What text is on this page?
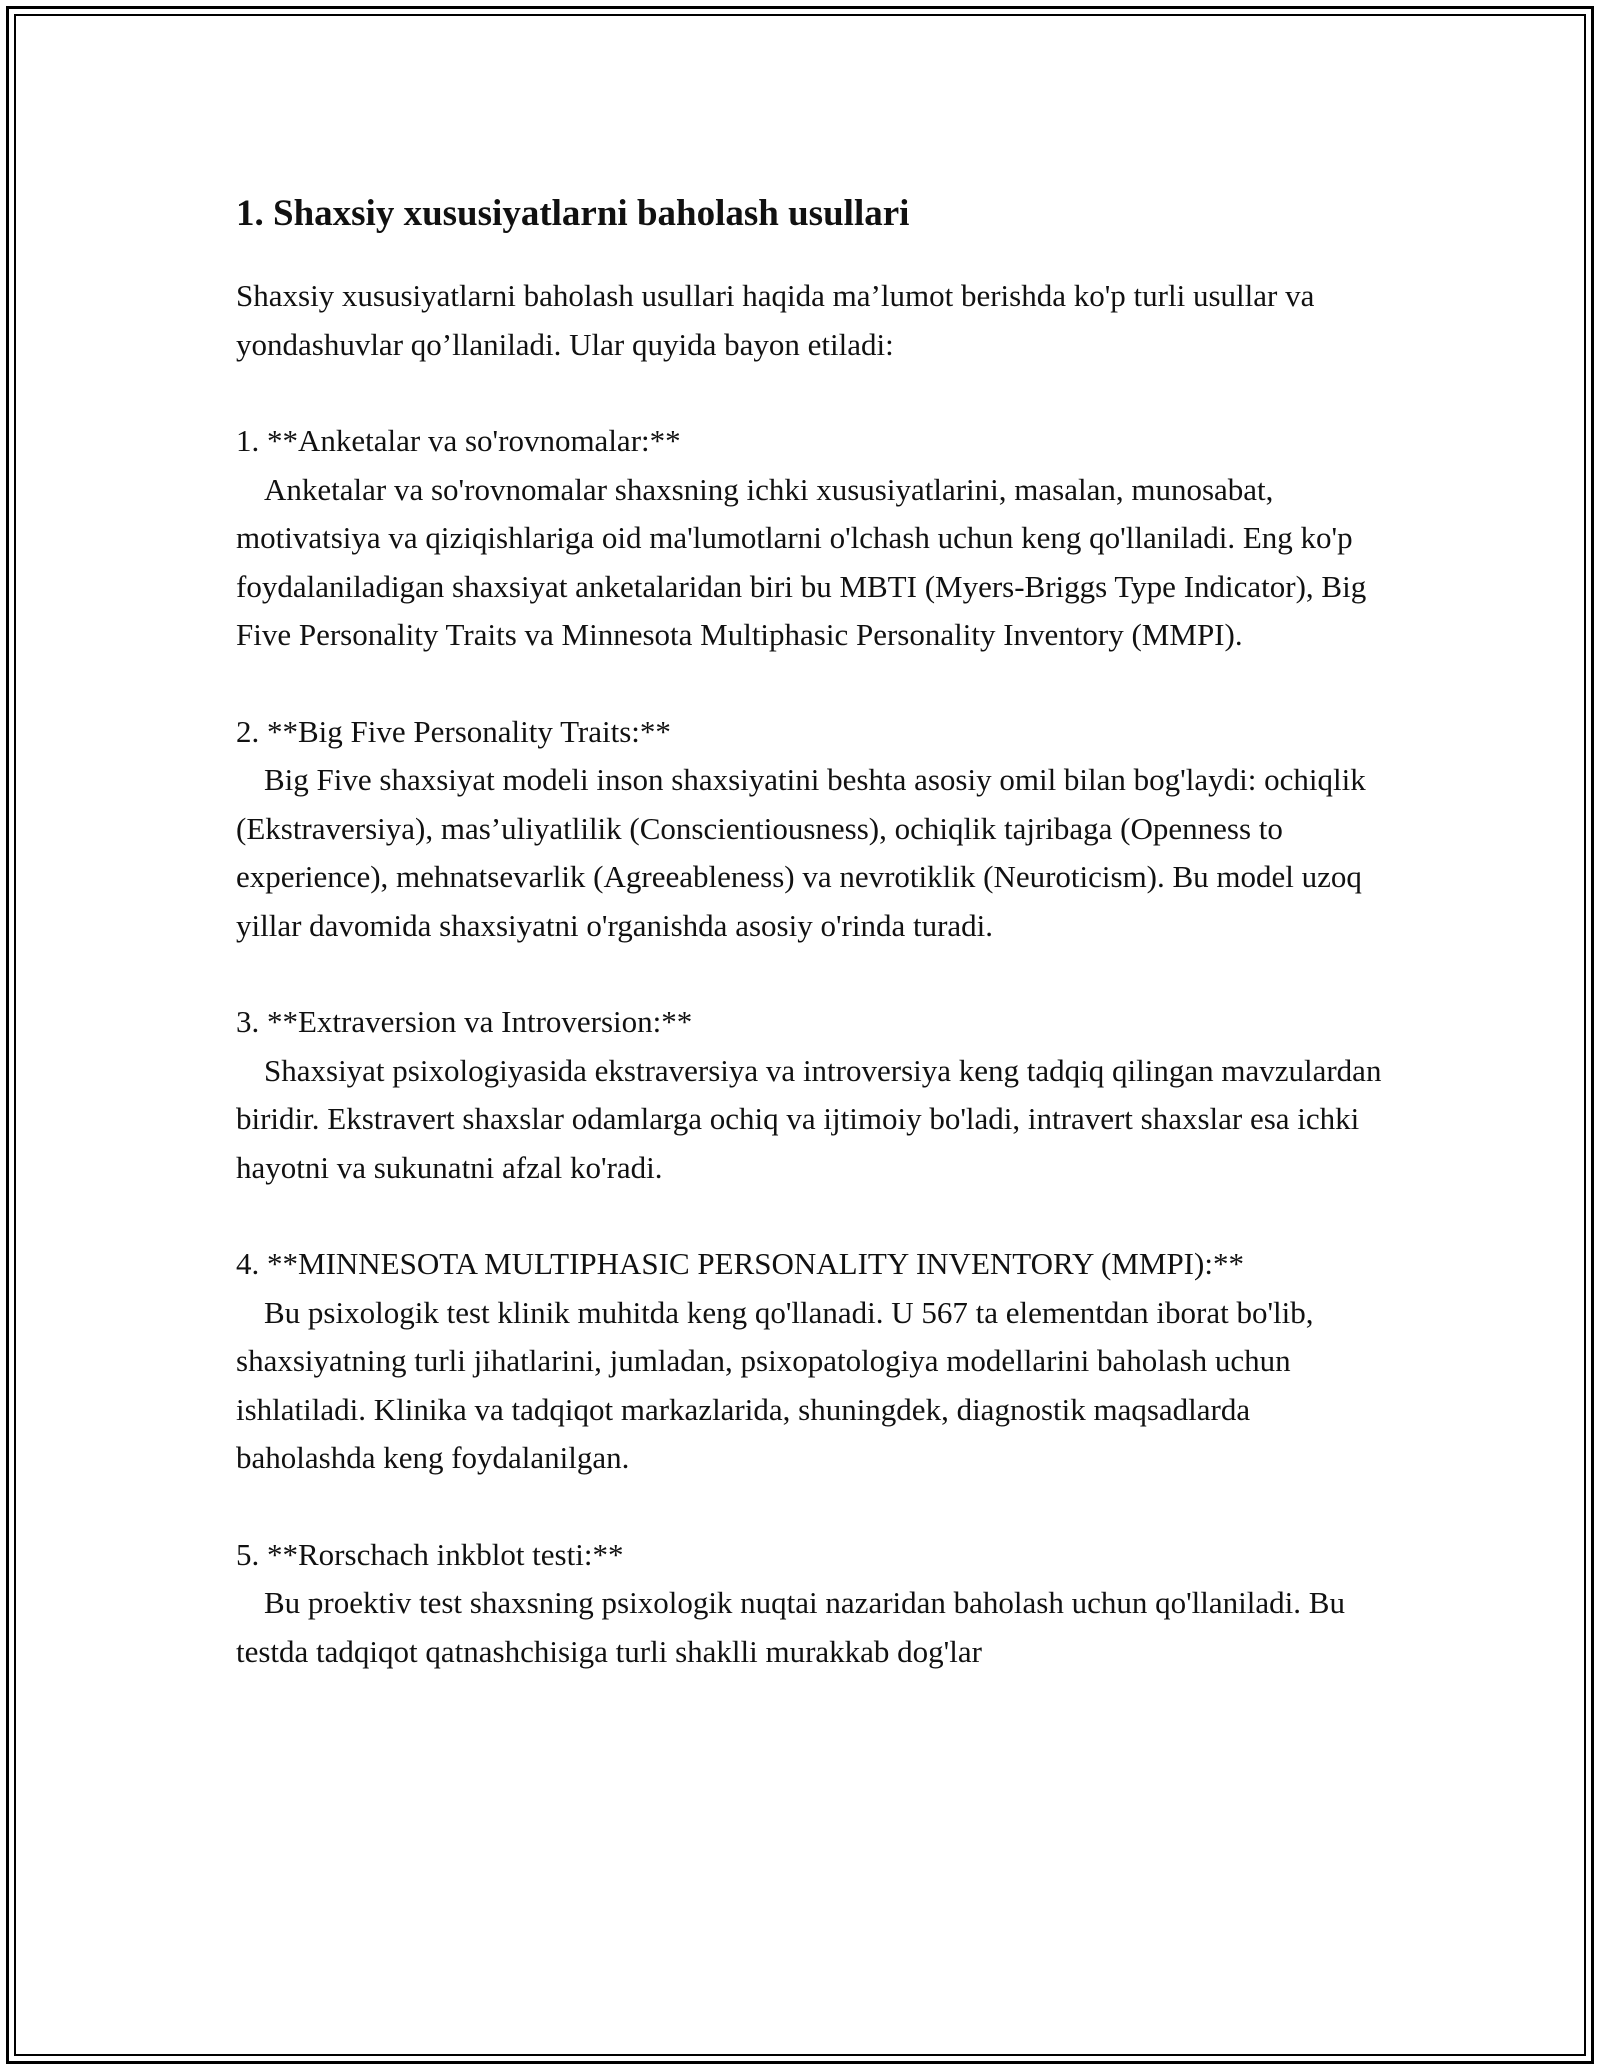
1. Shaxsiy xususiyatlarni baholash usullari

Shaxsiy xususiyatlarni baholash usullari haqida ma’lumot berishda ko'p turli usullar va yondashuvlar qo’llaniladi. Ular quyida bayon etiladi:

1. **Anketalar va so'rovnomalar:**
Anketalar va so'rovnomalar shaxsning ichki xususiyatlarini, masalan, munosabat, motivatsiya va qiziqishlariga oid ma'lumotlarni o'lchash uchun keng qo'llaniladi. Eng ko'p foydalaniladigan shaxsiyat anketalaridan biri bu MBTI (Myers-Briggs Type Indicator), Big Five Personality Traits va Minnesota Multiphasic Personality Inventory (MMPI).
2. **Big Five Personality Traits:**
Big Five shaxsiyat modeli inson shaxsiyatini beshta asosiy omil bilan bog'laydi: ochiqlik (Ekstraversiya), mas’uliyatlilik (Conscientiousness), ochiqlik tajribaga (Openness to experience), mehnatsevarlik (Agreeableness) va nevrotiklik (Neuroticism). Bu model uzoq yillar davomida shaxsiyatni o'rganishda asosiy o'rinda turadi.
3. **Extraversion va Introversion:**
Shaxsiyat psixologiyasida ekstraversiya va introversiya keng tadqiq qilingan mavzulardan biridir. Ekstravert shaxslar odamlarga ochiq va ijtimoiy bo'ladi, intravert shaxslar esa ichki hayotni va sukunatni afzal ko'radi.
4. **MINNESOTA MULTIPHASIC PERSONALITY INVENTORY (MMPI):**
Bu psixologik test klinik muhitda keng qo'llanadi. U 567 ta elementdan iborat bo'lib, shaxsiyatning turli jihatlarini, jumladan, psixopatologiya modellarini baholash uchun ishlatiladi. Klinika va tadqiqot markazlarida, shuningdek, diagnostik maqsadlarda baholashda keng foydalanilgan.
5. **Rorschach inkblot testi:**
Bu proektiv test shaxsning psixologik nuqtai nazaridan baholash uchun qo'llaniladi. Bu testda tadqiqot qatnashchisiga turli shaklli murakkab dog'lar
